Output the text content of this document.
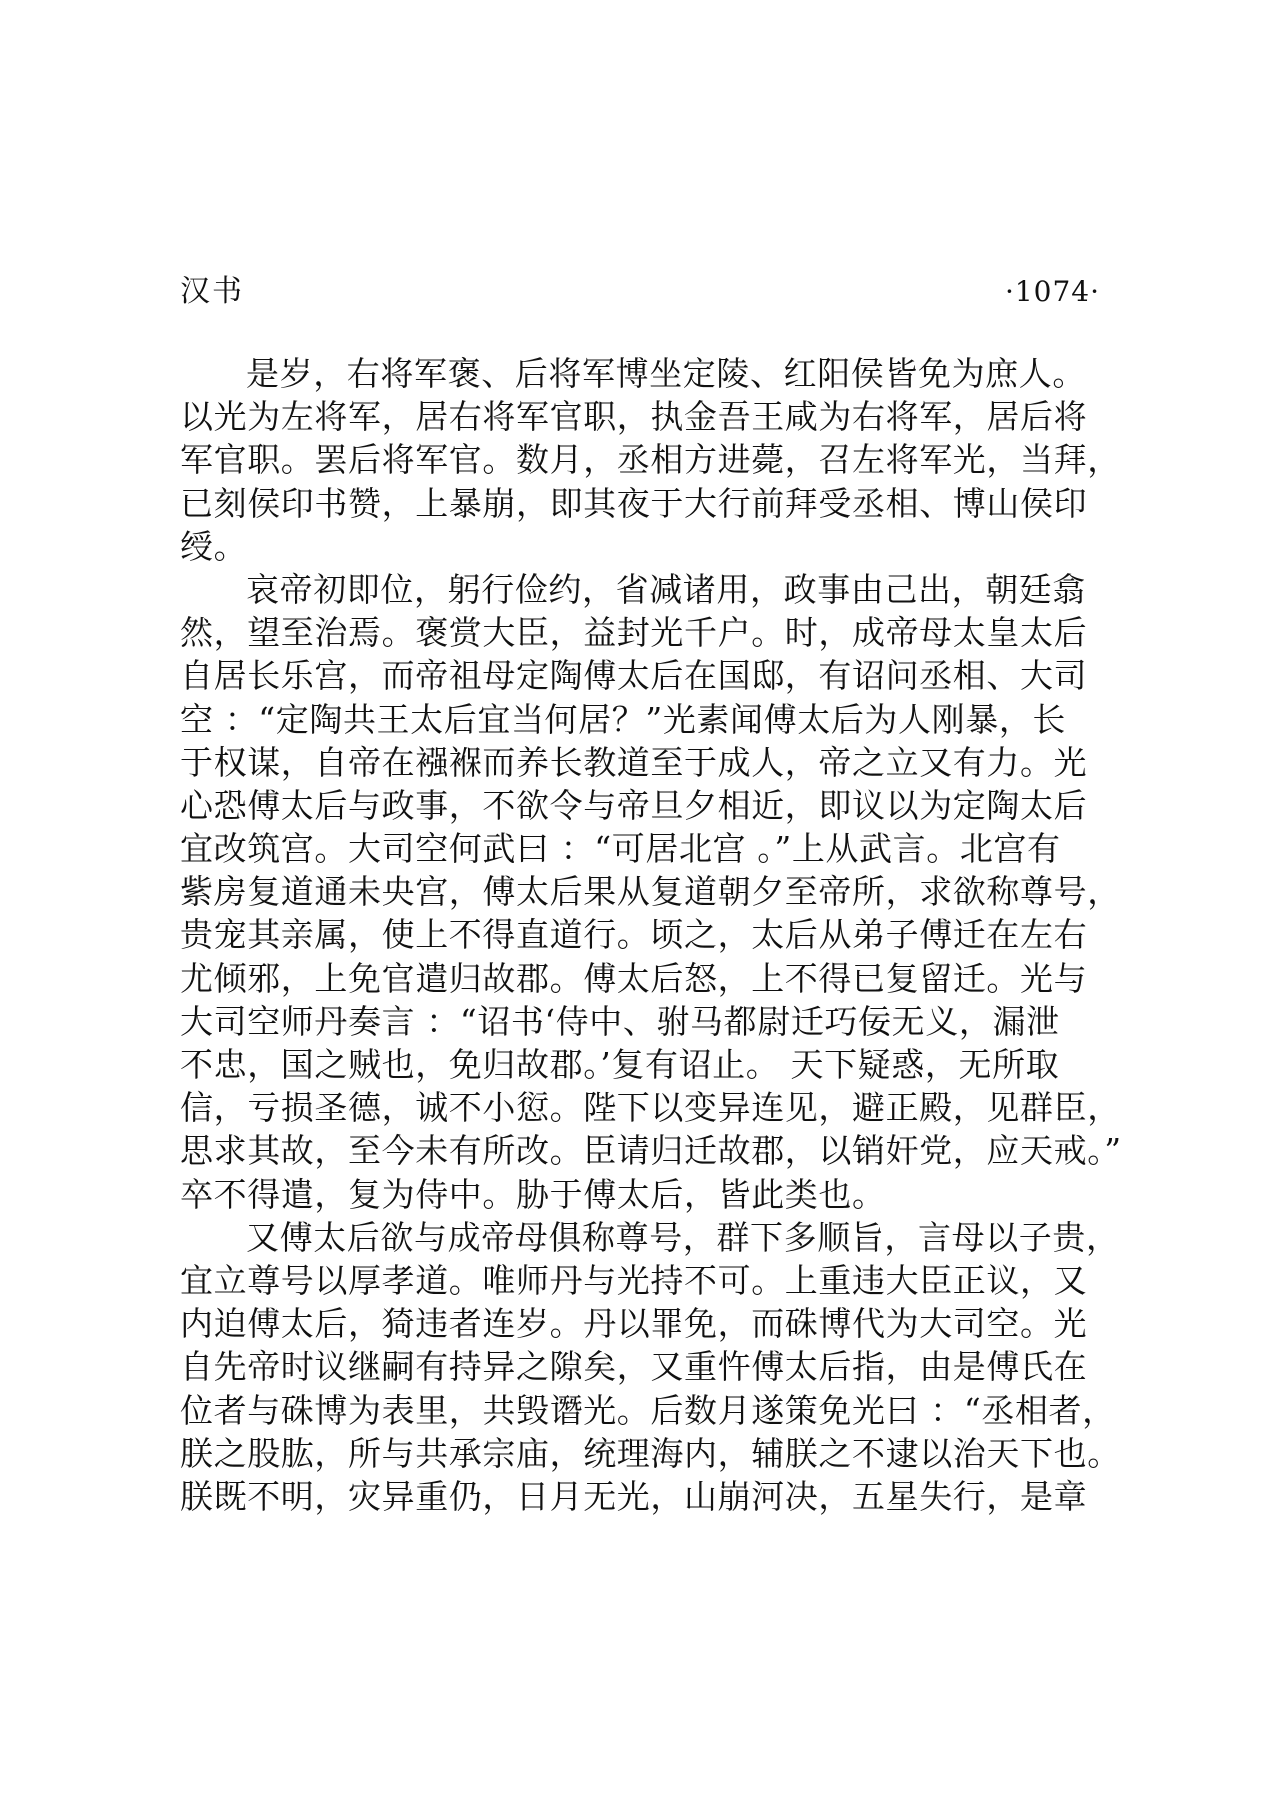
汉书	·1074·
是岁，右将军褒、后将军博坐定陵、红阳侯皆免为庶人。
以光为左将军，居右将军官职，执金吾王咸为右将军，居后将
军官职。罢后将军官。数月，丞相方进薨，召左将军光，当拜，
已刻侯印书赞，上暴崩，即其夜于大行前拜受丞相、博山侯印
绶。
哀帝初即位，躬行俭约，省减诸用，政事由己出，朝廷翕
然，望至治焉。褒赏大臣，益封光千户。时，成帝母太皇太后
自居长乐宫，而帝祖母定陶傅太后在国邸，有诏问丞相、大司
空 ：“定陶共王太后宜当何居？”光素闻傅太后为人刚暴，长
于权谋，自帝在襁褓而养长教道至于成人，帝之立又有力。光
心恐傅太后与政事，不欲令与帝旦夕相近，即议以为定陶太后
宜改筑宫。大司空何武曰 ：“可居北宫 。”上从武言。北宫有
紫房复道通未央宫，傅太后果从复道朝夕至帝所，求欲称尊号，
贵宠其亲属，使上不得直道行。顷之，太后从弟子傅迁在左右
尤倾邪，上免官遣归故郡。傅太后怒，上不得已复留迁。光与
大司空师丹奏言 ：“诏书‘侍中、驸马都尉迁巧佞无义，漏泄
不忠，国之贼也，免归故郡。’复有诏止。 天下疑惑，无所取
信，亏损圣德，诚不小愆。陛下以变异连见，避正殿，见群臣，
思求其故，至今未有所改。臣请归迁故郡，以销奸党，应天戒。”
卒不得遣，复为侍中。胁于傅太后，皆此类也。
又傅太后欲与成帝母俱称尊号，群下多顺旨，言母以子贵，
宜立尊号以厚孝道。唯师丹与光持不可。上重违大臣正议，又
内迫傅太后，猗违者连岁。丹以罪免，而硃博代为大司空。光
自先帝时议继嗣有持异之隙矣，又重忤傅太后指，由是傅氏在
位者与硃博为表里，共毁谮光。后数月遂策免光曰 ：“丞相者，
朕之股肱，所与共承宗庙，统理海内，辅朕之不逮以治天下也。
朕既不明，灾异重仍，日月无光，山崩河决，五星失行，是章
